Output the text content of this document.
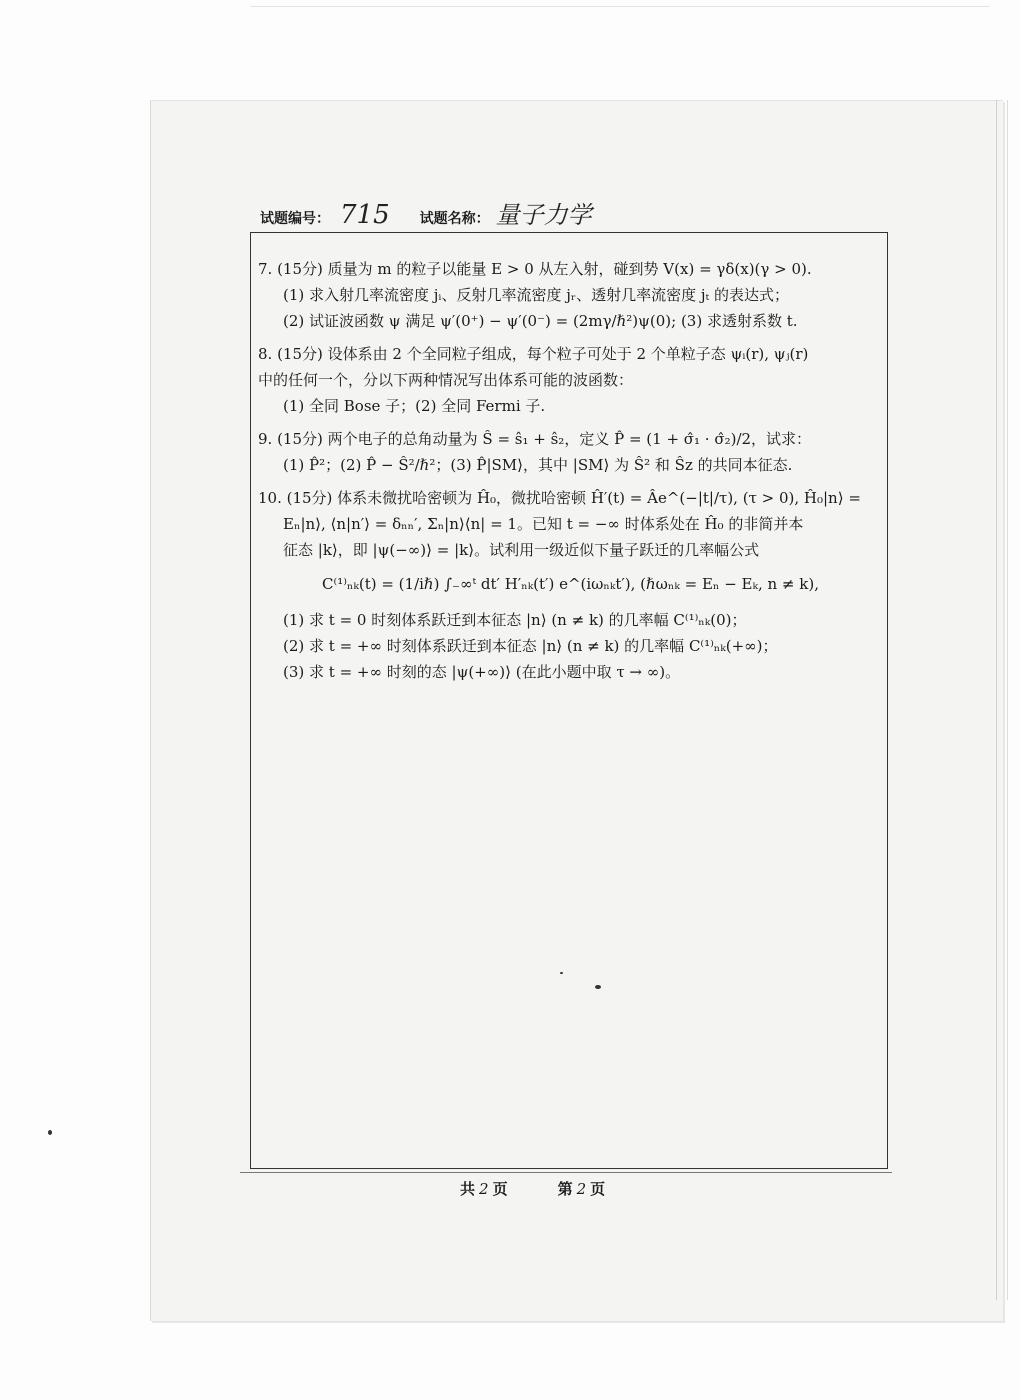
试题编号： 715 试题名称： 量子力学
7. (15分) 质量为 m 的粒子以能量 E > 0 从左入射，碰到势 V(x) = γδ(x)(γ > 0).
(1) 求入射几率流密度 jᵢ、反射几率流密度 jᵣ、透射几率流密度 jₜ 的表达式；
(2) 试证波函数 ψ 满足 ψ′(0⁺) − ψ′(0⁻) = (2mγ/ℏ²)ψ(0); (3) 求透射系数 t.
8. (15分) 设体系由 2 个全同粒子组成，每个粒子可处于 2 个单粒子态 ψᵢ(r), ψⱼ(r)
中的任何一个，分以下两种情况写出体系可能的波函数：
(1) 全同 Bose 子；(2) 全同 Fermi 子.
9. (15分) 两个电子的总角动量为 Ŝ = ŝ₁ + ŝ₂，定义 P̂ = (1 + σ̂₁ · σ̂₂)/2，试求：
(1) P̂²；(2) P̂ − Ŝ²/ℏ²；(3) P̂|SM⟩，其中 |SM⟩ 为 Ŝ² 和 Ŝz 的共同本征态.
10. (15分) 体系未微扰哈密顿为 Ĥ₀，微扰哈密顿 Ĥ′(t) = Âe^(−|t|/τ), (τ > 0), Ĥ₀|n⟩ =
Eₙ|n⟩, ⟨n|n′⟩ = δₙₙ′, Σₙ|n⟩⟨n| = 1。已知 t = −∞ 时体系处在 Ĥ₀ 的非简并本
征态 |k⟩，即 |ψ(−∞)⟩ = |k⟩。试利用一级近似下量子跃迁的几率幅公式
C⁽¹⁾ₙₖ(t) = (1/iℏ) ∫₋∞ᵗ dt′ H′ₙₖ(t′) e^(iωₙₖt′), (ℏωₙₖ = Eₙ − Eₖ, n ≠ k),
(1) 求 t = 0 时刻体系跃迁到本征态 |n⟩ (n ≠ k) 的几率幅 C⁽¹⁾ₙₖ(0)；
(2) 求 t = +∞ 时刻体系跃迁到本征态 |n⟩ (n ≠ k) 的几率幅 C⁽¹⁾ₙₖ(+∞)；
(3) 求 t = +∞ 时刻的态 |ψ(+∞)⟩ (在此小题中取 τ → ∞)。
共 2 页	第 2 页
